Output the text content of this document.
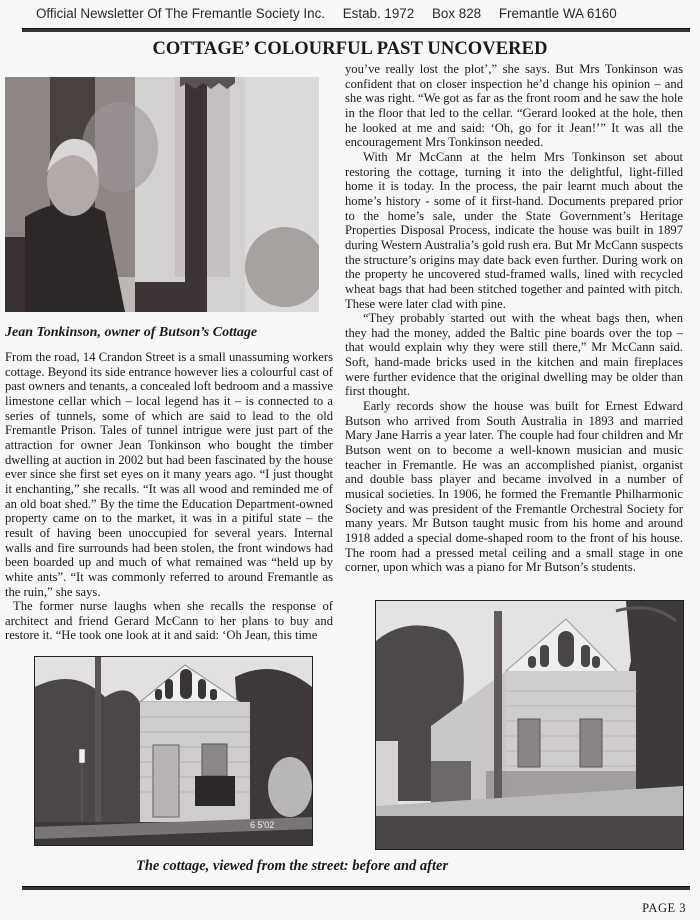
Official Newsletter Of The Fremantle Society Inc. Estab. 1972 Box 828 Fremantle WA 6160
COTTAGE’ COLOURFUL PAST UNCOVERED
Jean Tonkinson, owner of Butson’s Cottage

From the road, 14 Crandon Street is a small unassuming workers cottage. Beyond its side entrance however lies a colourful cast of past owners and tenants, a concealed loft bedroom and a massive limestone cellar which – local legend has it – is connected to a series of tunnels, some of which are said to lead to the old Fremantle Prison. Tales of tunnel intrigue were just part of the attraction for owner Jean Tonkinson who bought the timber dwelling at auction in 2002 but had been fascinated by the house ever since she first set eyes on it many years ago. “I just thought it enchanting,” she recalls. “It was all wood and reminded me of an old boat shed.” By the time the Education Department-owned property came on to the market, it was in a pitiful state – the result of having been unoccupied for several years. Internal walls and fire surrounds had been stolen, the front windows had been boarded up and much of what remained was “held up by white ants”. “It was commonly referred to around Fremantle as the ruin,” she says.

The former nurse laughs when she recalls the response of architect and friend Gerard McCann to her plans to buy and restore it. “He took one look at it and said: ‘Oh Jean, this time

you’ve really lost the plot’,” she says. But Mrs Tonkinson was confident that on closer inspection he’d change his opinion – and she was right. “We got as far as the front room and he saw the hole in the floor that led to the cellar. “Gerard looked at the hole, then he looked at me and said: ‘Oh, go for it Jean!’” It was all the encouragement Mrs Tonkinson needed.

With Mr McCann at the helm Mrs Tonkinson set about restoring the cottage, turning it into the delightful, light-filled home it is today. In the process, the pair learnt much about the home’s history - some of it first-hand. Documents prepared prior to the home’s sale, under the State Government’s Heritage Properties Disposal Process, indicate the house was built in 1897 during Western Australia’s gold rush era. But Mr McCann suspects the structure’s origins may date back even further. During work on the property he uncovered stud-framed walls, lined with recycled wheat bags that had been stitched together and painted with pitch. These were later clad with pine.

“They probably started out with the wheat bags then, when they had the money, added the Baltic pine boards over the top – that would explain why they were still there,” Mr McCann said. Soft, hand-made bricks used in the kitchen and main fireplaces were further evidence that the original dwelling may be older than first thought.

Early records show the house was built for Ernest Edward Butson who arrived from South Australia in 1893 and married Mary Jane Harris a year later. The couple had four children and Mr Butson went on to become a well-known musician and music teacher in Fremantle. He was an accomplished pianist, organist and double bass player and became involved in a number of musical societies. In 1906, he formed the Fremantle Philharmonic Society and was president of the Fremantle Orchestral Society for many years. Mr Butson taught music from his home and around 1918 added a special dome-shaped room to the front of his house. The room had a pressed metal ceiling and a small stage in one corner, upon which was a piano for Mr Butson’s students.

6 5'02
The cottage, viewed from the street: before and after
PAGE 3
